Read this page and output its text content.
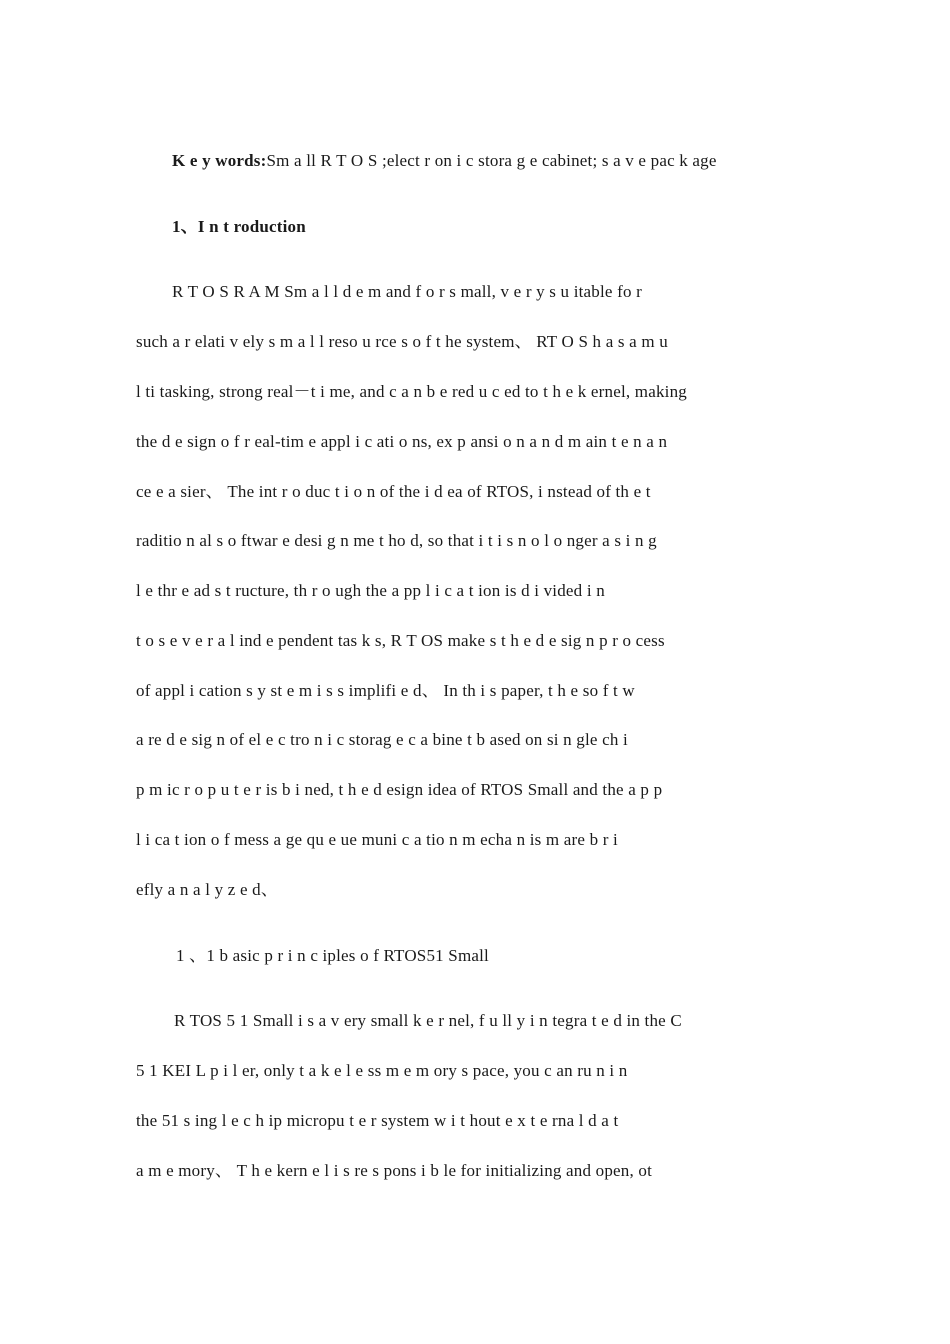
K e y words:Sm a ll R T O S ;elect r on i c stora g e cabinet; s a v e pac k age
1、I n t roduction
R T O S R A M Sm a l l d e m and f o r s mall, v e r y s u itable fo r
such a r elati v ely s m a l l reso u rce s o f t he system、 RT O S h a s a m u
l ti tasking, strong real－t i me, and c a n b e red u c ed to t h e k ernel, making
the d e sign o f r eal-tim e appl i c ati o ns, ex p ansi o n a n d m ain t e n a n
ce e a sier、 The int r o duc t i o n of the i d ea of RTOS, i nstead of th e t
raditio n al s o ftwar e desi g n me t ho d, so that i t i s n o l o nger a s i n g
l e thr e ad s t ructure, th r o ugh the a pp l i c a t ion is d i vided i n
t o s e v e r a l ind e pendent tas k s, R T OS make s t h e d e sig n p r o cess
of appl i cation s y st e m i s s implifi e d、 In th i s paper, t h e so f t w
a re d e sig n of el e c tro n i c storag e c a bine t b ased on si n gle ch i
p m ic r o p u t e r is b i ned, t h e d esign idea of RTOS Small and the a p p
l i ca t ion o f mess a ge qu e ue muni c a tio n m echa n is m are b r i
efly a n a l y z e d、
1 、1 b asic p r i n c iples o f RTOS51 Small
R TOS 5 1 Small i s a v ery small k e r nel, f u ll y i n tegra t e d in the C
5 1 KEI L p i l er, only t a k e l e ss m e m ory s pace, you c an ru n i n
the 51 s ing l e c h ip micropu t e r system w i t hout e x t e rna l d a t
a m e mory、 T h e kern e l i s re s pons i b le for initializing and open, ot
